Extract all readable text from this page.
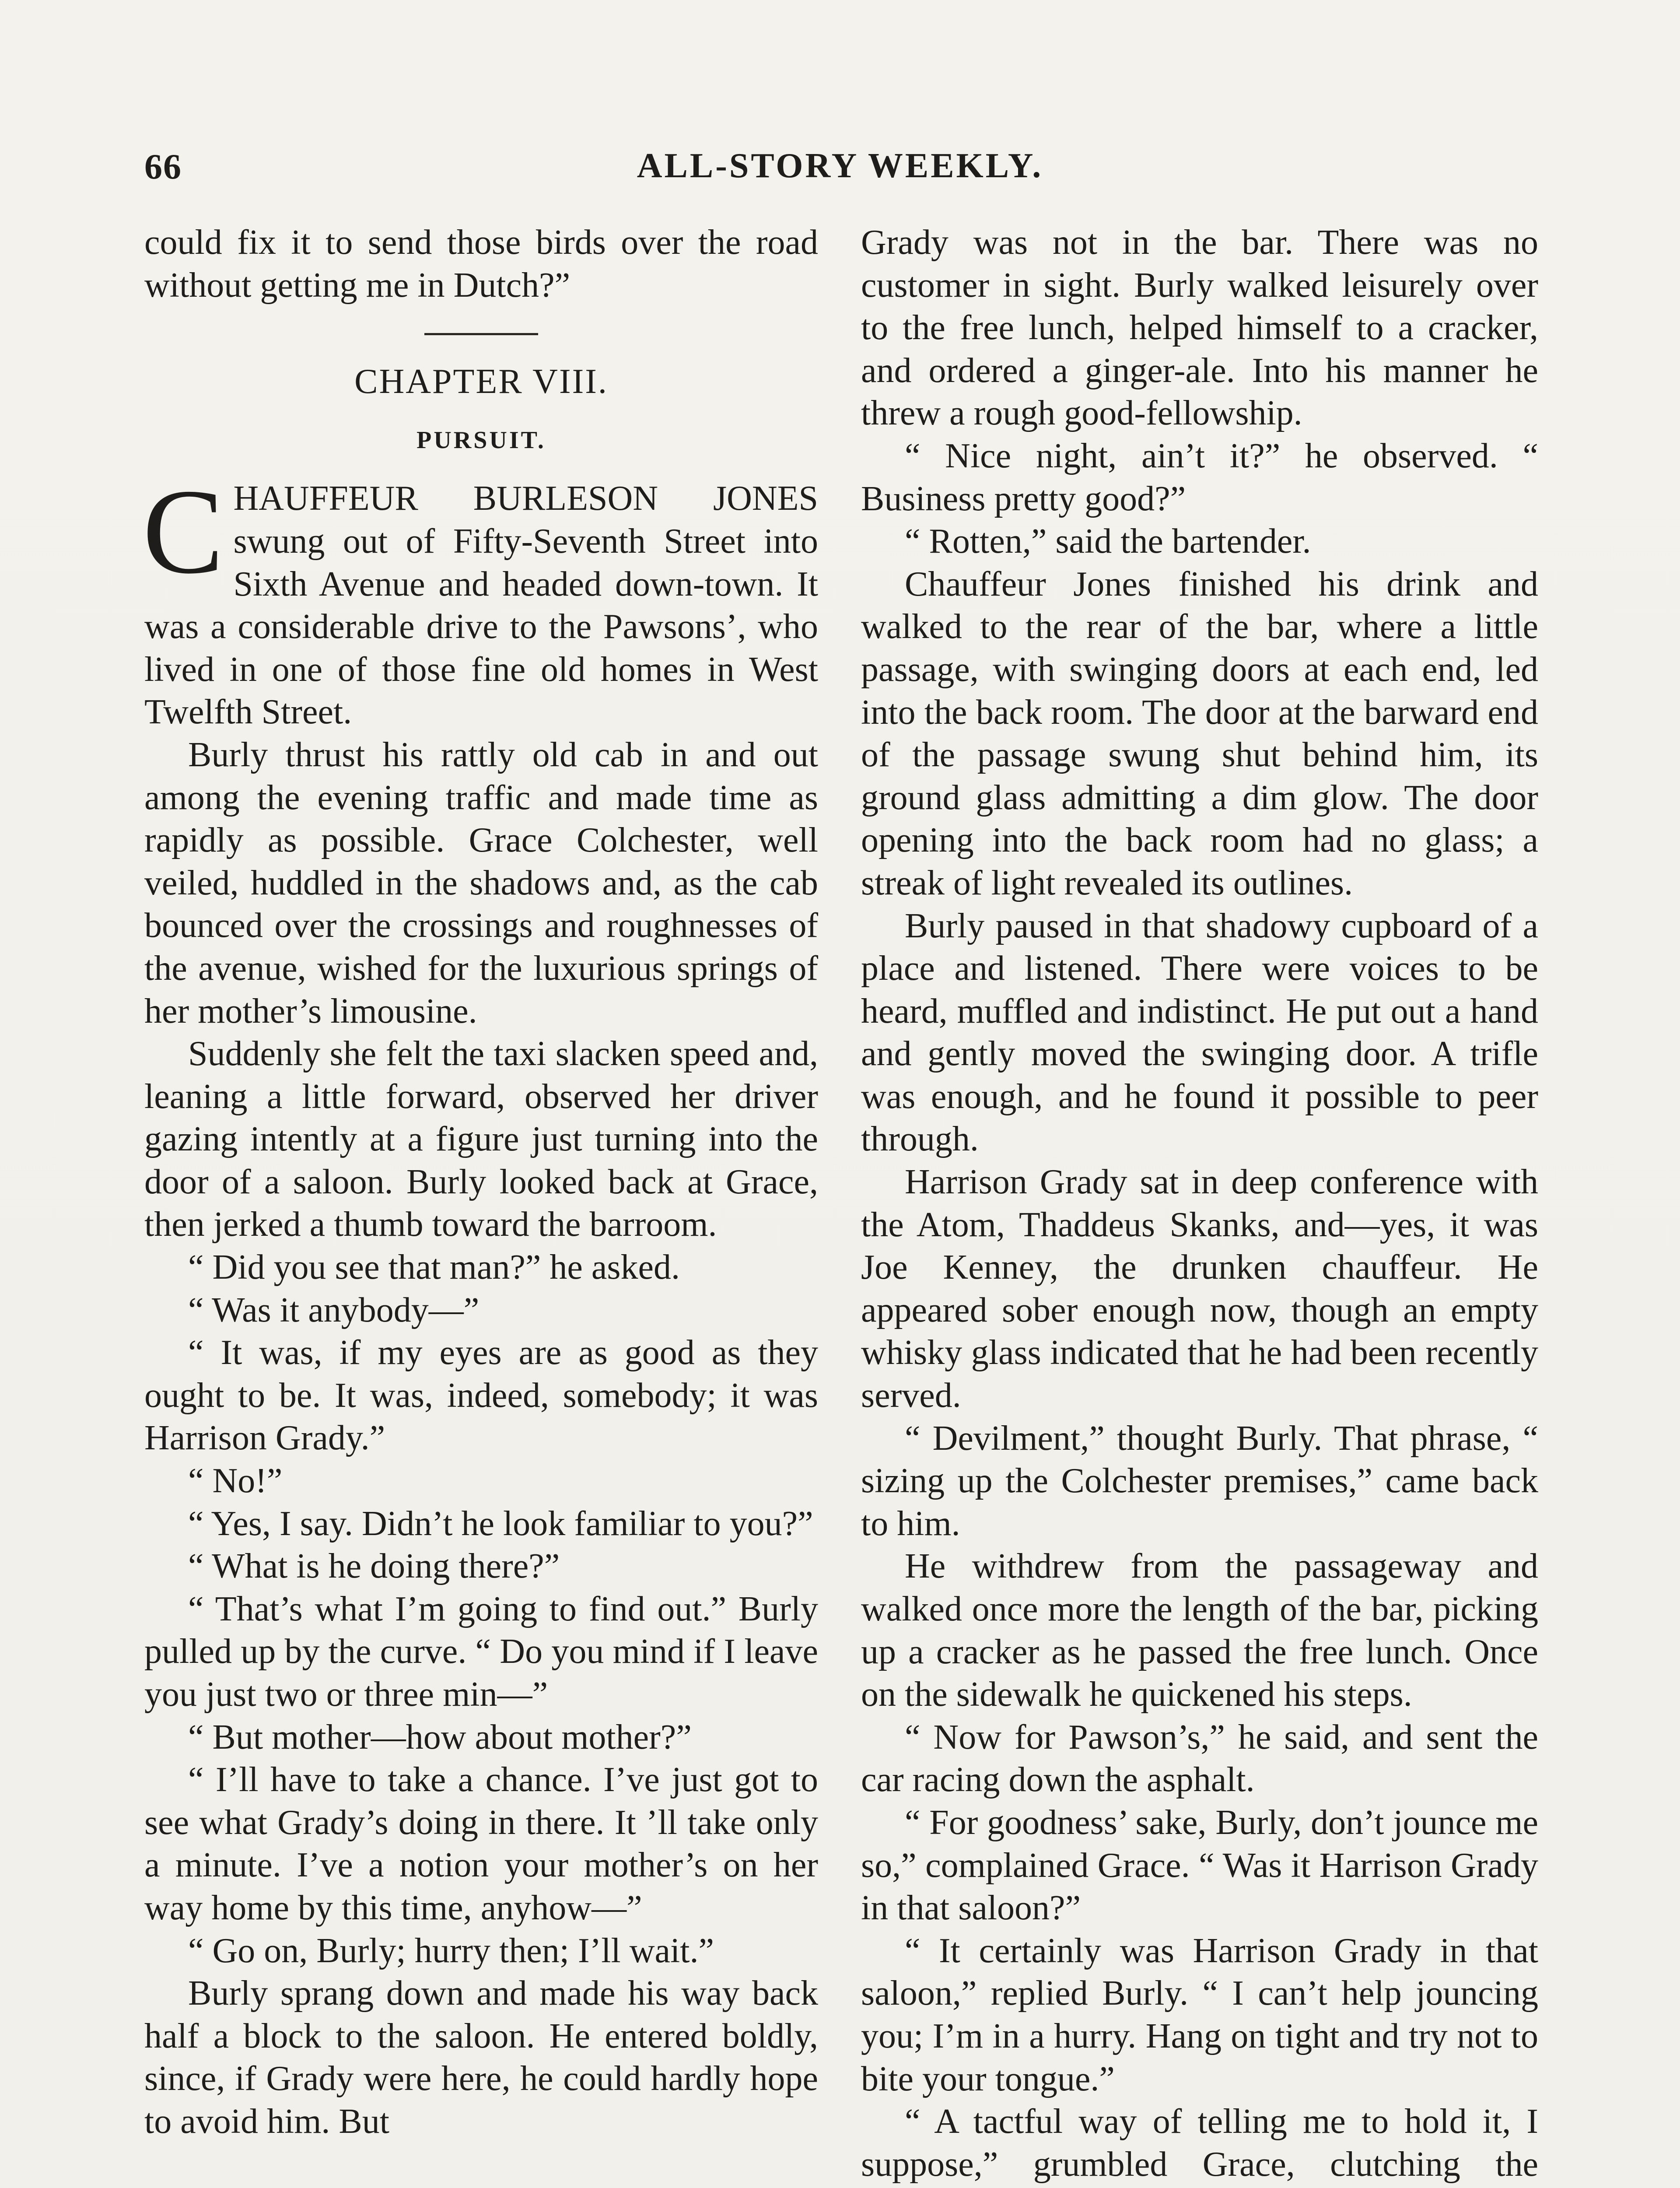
ALL-STORY WEEKLY.
66

could fix it to send those birds over the road without getting me in Dutch?”

CHAPTER VIII.
PURSUIT.

CHAUFFEUR BURLESON JONES swung out of Fifty-Seventh Street into Sixth Avenue and headed down-town. It was a considerable drive to the Pawsons’, who lived in one of those fine old homes in West Twelfth Street.

Burly thrust his rattly old cab in and out among the evening traffic and made time as rapidly as possible. Grace Colchester, well veiled, huddled in the shadows and, as the cab bounced over the crossings and roughnesses of the avenue, wished for the luxurious springs of her mother’s limousine.

Suddenly she felt the taxi slacken speed and, leaning a little forward, observed her driver gazing intently at a figure just turning into the door of a saloon. Burly looked back at Grace, then jerked a thumb toward the barroom.

“ Did you see that man?” he asked.

“ Was it anybody—”

“ It was, if my eyes are as good as they ought to be. It was, indeed, somebody; it was Harrison Grady.”

“ No!”

“ Yes, I say. Didn’t he look familiar to you?”

“ What is he doing there?”

“ That’s what I’m going to find out.” Burly pulled up by the curve. “ Do you mind if I leave you just two or three min—”

“ But mother—how about mother?”

“ I’ll have to take a chance. I’ve just got to see what Grady’s doing in there. It ’ll take only a minute. I’ve a notion your mother’s on her way home by this time, anyhow—”

“ Go on, Burly; hurry then; I’ll wait.”

Burly sprang down and made his way back half a block to the saloon. He entered boldly, since, if Grady were here, he could hardly hope to avoid him. But

Grady was not in the bar. There was no customer in sight. Burly walked leisurely over to the free lunch, helped himself to a cracker, and ordered a ginger-ale. Into his manner he threw a rough good-fellowship.

“ Nice night, ain’t it?” he observed. “ Business pretty good?”

“ Rotten,” said the bartender.

Chauffeur Jones finished his drink and walked to the rear of the bar, where a little passage, with swinging doors at each end, led into the back room. The door at the barward end of the passage swung shut behind him, its ground glass admitting a dim glow. The door opening into the back room had no glass; a streak of light revealed its outlines.

Burly paused in that shadowy cupboard of a place and listened. There were voices to be heard, muffled and indistinct. He put out a hand and gently moved the swinging door. A trifle was enough, and he found it possible to peer through.

Harrison Grady sat in deep conference with the Atom, Thaddeus Skanks, and—yes, it was Joe Kenney, the drunken chauffeur. He appeared sober enough now, though an empty whisky glass indicated that he had been recently served.

“ Devilment,” thought Burly. That phrase, “ sizing up the Colchester premises,” came back to him.

He withdrew from the passageway and walked once more the length of the bar, picking up a cracker as he passed the free lunch. Once on the sidewalk he quickened his steps.

“ Now for Pawson’s,” he said, and sent the car racing down the asphalt.

“ For goodness’ sake, Burly, don’t jounce me so,” complained Grace. “ Was it Harrison Grady in that saloon?”

“ It certainly was Harrison Grady in that saloon,” replied Burly. “ I can’t help jouncing you; I’m in a hurry. Hang on tight and try not to bite your tongue.”

“ A tactful way of telling me to hold it, I suppose,” grumbled Grace, clutching the
